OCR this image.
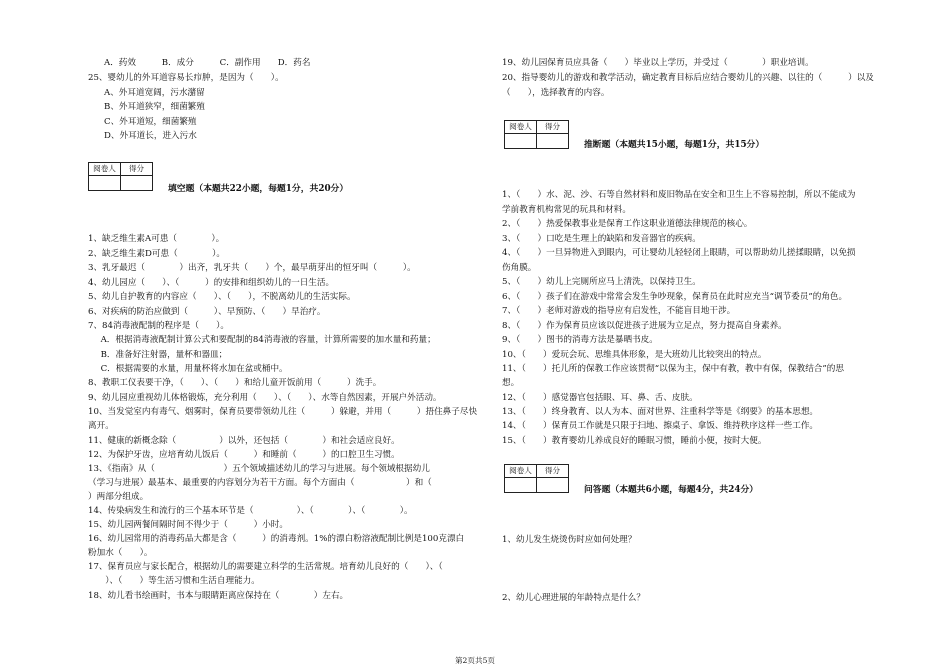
A．药效　　　B．成分　　　C．副作用　　D．药名
25、婴幼儿的外耳道容易长疖肿，是因为（　　）。
A、外耳道宽阔，污水潴留
B、外耳道狭窄，细菌繁殖
C、外耳道短，细菌繁殖
D、外耳道长，进入污水
阅卷人	得分

填空题（本题共22小题，每题1分，共20分）
1、缺乏维生素A可患（　　　　）。
2、缺乏维生素D可患（　　　　）。
3、乳牙最迟（　　　　）出齐，乳牙共（　　）个，最早萌芽出的恒牙叫（　　　）。
4、幼儿园应（　　）、（　　　）的安排和组织幼儿的一日生活。
5、幼儿自护教育的内容应（　　）、（　　），不脱离幼儿的生活实际。
6、对疾病的防治应做到（　　　）、早预防、（　　）早治疗。
7、84消毒液配制的程序是（　　）。
　A．根据消毒液配制计算公式和要配制的84消毒液的容量，计算所需要的加水量和药量；
　B．准备好注射器，量杯和器皿；
　C．根据需要的水量，用量杯将水加在盆或桶中。
8、教职工仪表要干净，（　　）、（　　）和给儿童开饭前用（　　　）洗手。
9、幼儿园应重视幼儿体格锻炼，充分利用（　　）、（　　）、水等自然因素，开展户外活动。
10、当发觉室内有毒气、烟雾时，保育员要带领幼儿往（　　　）躲避，并用（　　　）捂住鼻子尽快
离开。
11、健康的新概念除（　　　　　）以外，还包括（　　　　）和社会适应良好。
12、为保护牙齿，应培育幼儿饭后（　　　）和睡前（　　　）的口腔卫生习惯。
13、《指南》从（　　　　　　　　）五个领域描述幼儿的学习与进展。每个领域根据幼儿
（学习与进展）最基本、最重要的内容划分为若干方面。每个方面由（　　　　　　）和（　　
）两部分组成。
14、传染病发生和流行的三个基本环节是（　　　　　）、（　　　　）、（　　　　）。
15、幼儿园两餐间隔时间不得少于（　　　）小时。
16、幼儿园常用的消毒药品大都是含（　　　）的消毒剂。1%的漂白粉溶液配制比例是100克漂白
粉加水（　　）。
17、保育员应与家长配合，根据幼儿的需要建立科学的生活常规。培育幼儿良好的（　　）、（
　　）、（　　）等生活习惯和生活自理能力。
18、幼儿看书绘画时，书本与眼睛距离应保持在（　　　　）左右。
19、幼儿园保育员应具备（　　）毕业以上学历，并受过（　　　　）职业培训。
20、指导婴幼儿的游戏和教学活动，确定教育目标后应结合婴幼儿的兴趣、以往的（　　　）以及
（　　），选择教育的内容。
阅卷人	得分

推断题（本题共15小题，每题1分，共15分）
1、（　　）水、泥、沙、石等自然材料和废旧物品在安全和卫生上不容易控制，所以不能成为
学前教育机构常见的玩具和材料。
2、（　　）热爱保教事业是保育工作这职业道德法律规范的核心。
3、（　　）口吃是生理上的缺陷和发音器官的疾病。
4、（　　）一旦异物进入到眼内，可让婴幼儿轻轻闭上眼睛，可以帮助幼儿搓揉眼睛，以免损
伤角膜。
5、（　　）幼儿上完厕所应马上清洗，以保持卫生。
6、（　　）孩子们在游戏中常常会发生争吵现象，保育员在此时应充当“调节委员”的角色。
7、（　　）老师对游戏的指导应有启发性，不能盲目地干涉。
8、（　　）作为保育员应该以促进孩子进展为立足点，努力提高自身素养。
9、（　　）图书的消毒方法是暴晒书皮。
10、（　　）爱玩会玩、思维具体形象，是大班幼儿比较突出的特点。
11、（　　）托儿所的保教工作应该贯彻“以保为主，保中有教，教中有保，保教结合”的思
想。
12、（　　）感觉器官包括眼、耳、鼻、舌、皮肤。
13、（　　）终身教育、以人为本、面对世界、注重科学等是《纲要》的基本思想。
14、（　　）保育员工作就是只限于扫地、擦桌子、拿饭、维持秩序这样一些工作。
15、（　　）教育婴幼儿养成良好的睡眠习惯，睡前小便，按时大便。
阅卷人	得分

问答题（本题共6小题，每题4分，共24分）
1、幼儿发生烧烫伤时应如何处理？
2、幼儿心理进展的年龄特点是什么？
第2页共5页
